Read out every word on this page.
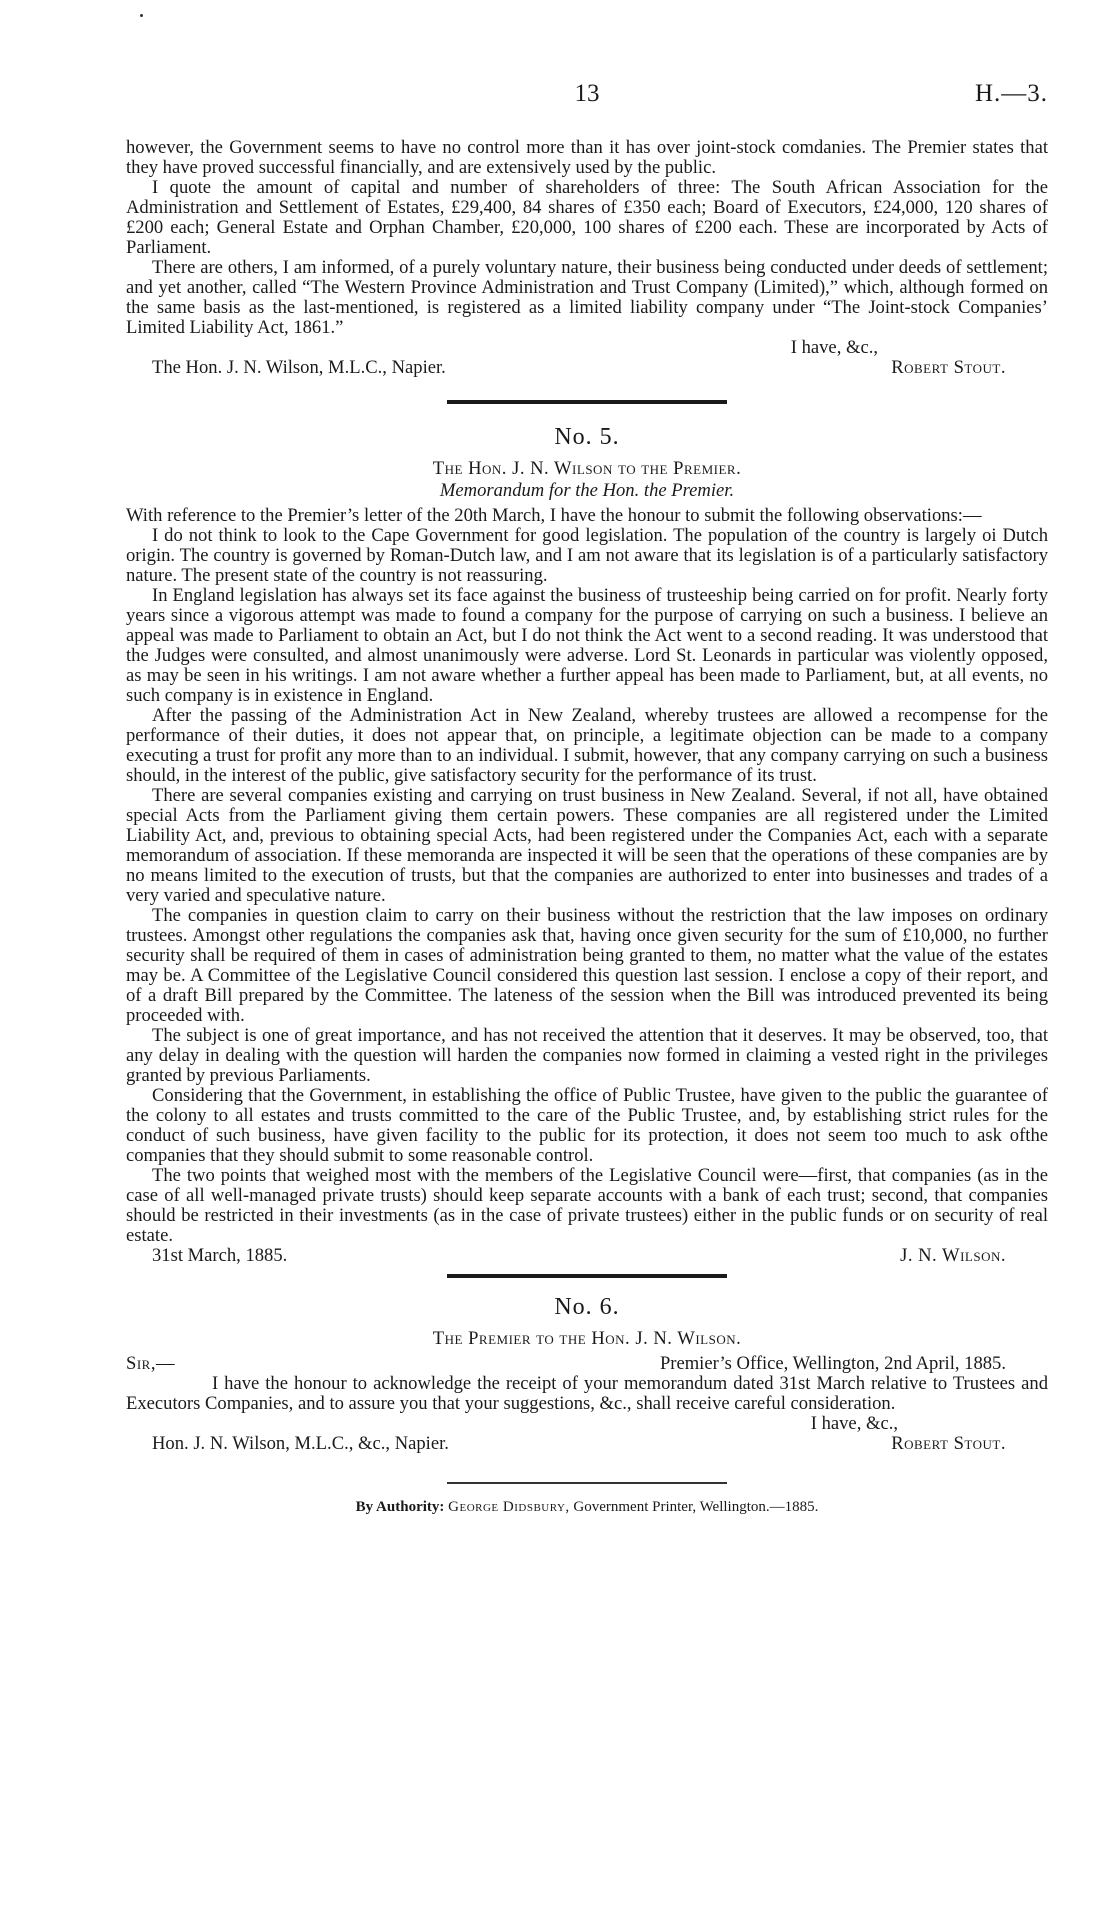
13	H.—3.

however, the Government seems to have no control more than it has over joint-stock comdanies. The Premier states that they have proved successful financially, and are extensively used by the public.

I quote the amount of capital and number of shareholders of three: The South African Association for the Administration and Settlement of Estates, £29,400, 84 shares of £350 each; Board of Executors, £24,000, 120 shares of £200 each; General Estate and Orphan Chamber, £20,000, 100 shares of £200 each. These are incorporated by Acts of Parliament.

There are others, I am informed, of a purely voluntary nature, their business being conducted under deeds of settlement; and yet another, called “The Western Province Administration and Trust Company (Limited),” which, although formed on the same basis as the last-mentioned, is registered as a limited liability company under “The Joint-stock Companies’ Limited Liability Act, 1861.”

I have, &c.,
The Hon. J. N. Wilson, M.L.C., Napier.	Robert Stout.
No. 5.
The Hon. J. N. Wilson to the Premier.
Memorandum for the Hon. the Premier.

With reference to the Premier’s letter of the 20th March, I have the honour to submit the following observations:—

I do not think to look to the Cape Government for good legislation. The population of the country is largely oi Dutch origin. The country is governed by Roman-Dutch law, and I am not aware that its legislation is of a particularly satisfactory nature. The present state of the country is not reassuring.

In England legislation has always set its face against the business of trusteeship being carried on for profit. Nearly forty years since a vigorous attempt was made to found a company for the purpose of carrying on such a business. I believe an appeal was made to Parliament to obtain an Act, but I do not think the Act went to a second reading. It was understood that the Judges were consulted, and almost unanimously were adverse. Lord St. Leonards in particular was violently opposed, as may be seen in his writings. I am not aware whether a further appeal has been made to Parliament, but, at all events, no such company is in existence in England.

After the passing of the Administration Act in New Zealand, whereby trustees are allowed a recompense for the performance of their duties, it does not appear that, on principle, a legitimate objection can be made to a company executing a trust for profit any more than to an individual. I submit, however, that any company carrying on such a business should, in the interest of the public, give satisfactory security for the performance of its trust.

There are several companies existing and carrying on trust business in New Zealand. Several, if not all, have obtained special Acts from the Parliament giving them certain powers. These companies are all registered under the Limited Liability Act, and, previous to obtaining special Acts, had been registered under the Companies Act, each with a separate memorandum of association. If these memoranda are inspected it will be seen that the operations of these companies are by no means limited to the execution of trusts, but that the companies are authorized to enter into businesses and trades of a very varied and speculative nature.

The companies in question claim to carry on their business without the restriction that the law imposes on ordinary trustees. Amongst other regulations the companies ask that, having once given security for the sum of £10,000, no further security shall be required of them in cases of administration being granted to them, no matter what the value of the estates may be. A Committee of the Legislative Council considered this question last session. I enclose a copy of their report, and of a draft Bill prepared by the Committee. The lateness of the session when the Bill was introduced prevented its being proceeded with.

The subject is one of great importance, and has not received the attention that it deserves. It may be observed, too, that any delay in dealing with the question will harden the companies now formed in claiming a vested right in the privileges granted by previous Parliaments.

Considering that the Government, in establishing the office of Public Trustee, have given to the public the guarantee of the colony to all estates and trusts committed to the care of the Public Trustee, and, by establishing strict rules for the conduct of such business, have given facility to the public for its protection, it does not seem too much to ask ofthe companies that they should submit to some reasonable control.

The two points that weighed most with the members of the Legislative Council were—first, that companies (as in the case of all well-managed private trusts) should keep separate accounts with a bank of each trust; second, that companies should be restricted in their investments (as in the case of private trustees) either in the public funds or on security of real estate.

31st March, 1885.	J. N. Wilson.
No. 6.
The Premier to the Hon. J. N. Wilson.
Sir,—	Premier’s Office, Wellington, 2nd April, 1885.

I have the honour to acknowledge the receipt of your memorandum dated 31st March relative to Trustees and Executors Companies, and to assure you that your suggestions, &c., shall receive careful consideration.

I have, &c.,
Hon. J. N. Wilson, M.L.C., &c., Napier.	Robert Stout.
By Authority: George Didsbury, Government Printer, Wellington.—1885.
